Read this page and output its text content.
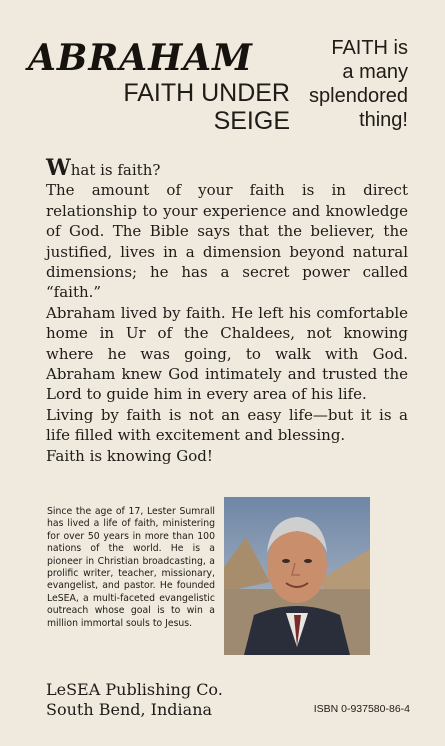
ABRAHAM
FAITH UNDER
SEIGE
FAITH is
a many
splendored
thing!

What is faith?

The amount of your faith is in direct relationship to your experience and knowledge of God. The Bible says that the believer, the justified, lives in a dimension beyond natural dimensions; he has a secret power called “faith.”

Abraham lived by faith. He left his comfortable home in Ur of the Chaldees, not knowing where he was going, to walk with God. Abraham knew God intimately and trusted the Lord to guide him in every area of his life.

Living by faith is not an easy life—but it is a life filled with excitement and blessing.

Faith is knowing God!

Since the age of 17, Lester Sumrall has lived a life of faith, ministering for over 50 years in more than 100 nations of the world. He is a pioneer in Christian broadcasting, a prolific writer, teacher, missionary, evangelist, and pastor. He founded LeSEA, a multi-faceted evangelistic outreach whose goal is to win a million immortal souls to Jesus.
LeSEA Publishing Co.
South Bend, Indiana	ISBN 0-937580-86-4
